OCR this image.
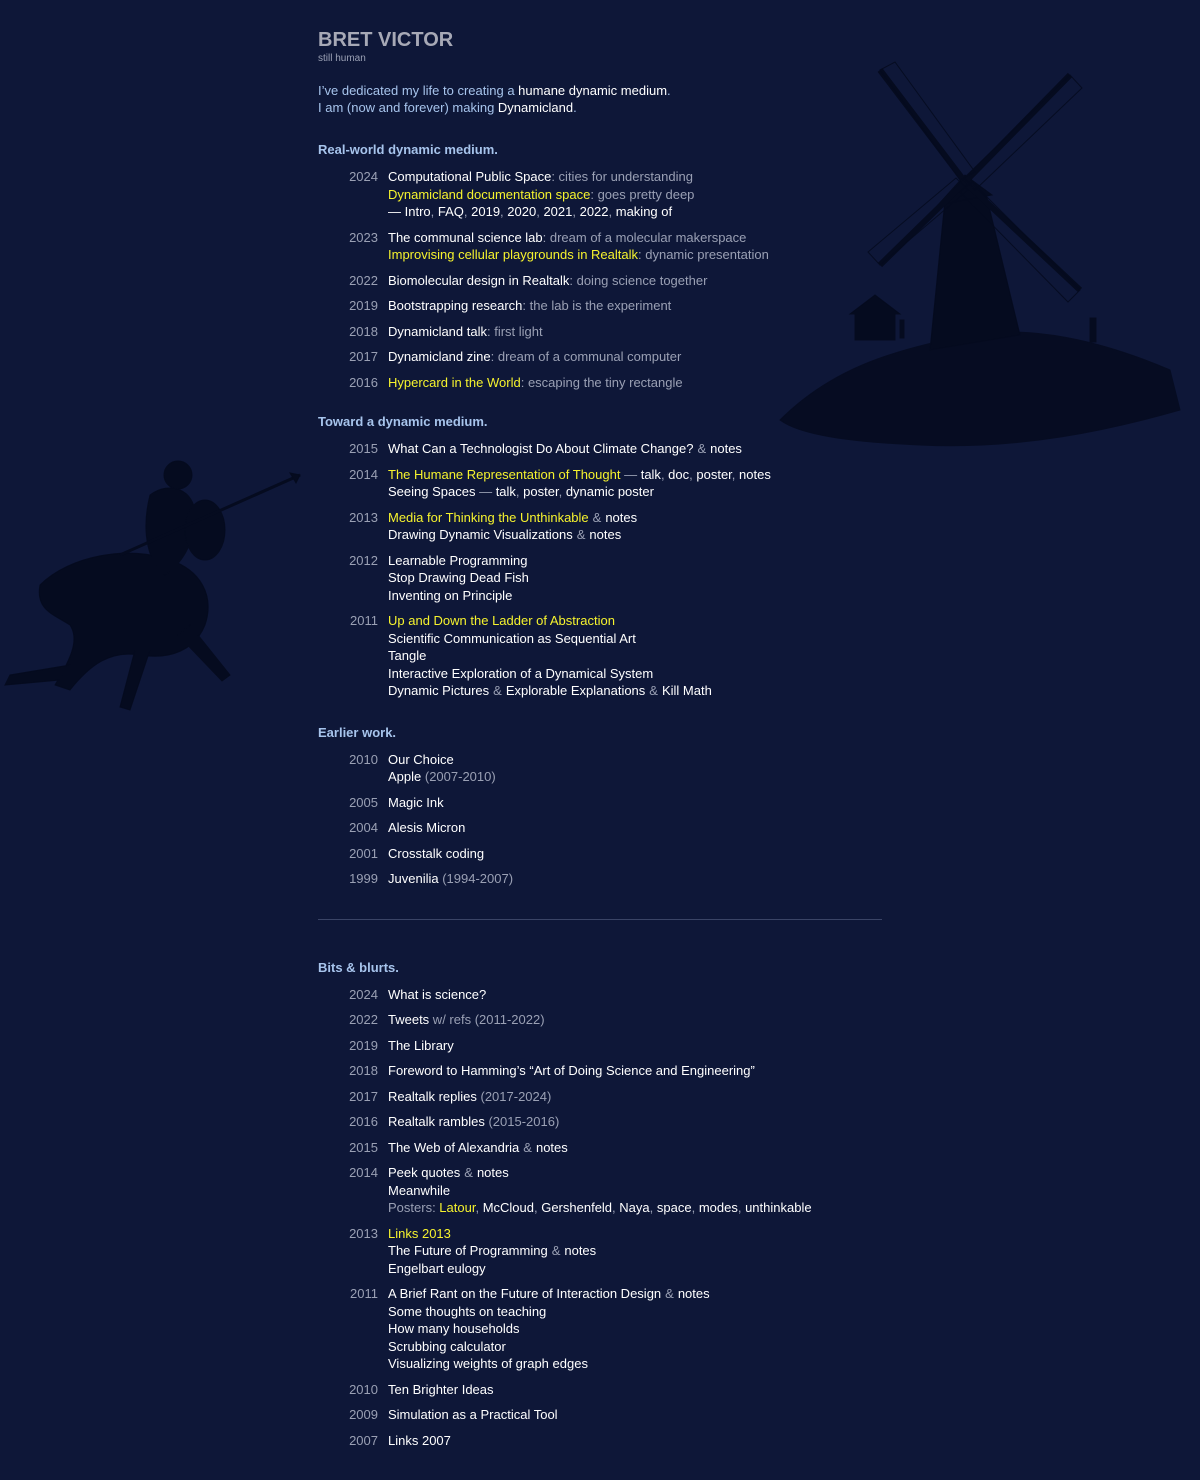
BRET VICTOR
still human
I’ve dedicated my life to creating a humane dynamic medium.
I am (now and forever) making Dynamicland.
Real-world dynamic medium.
2024 Computational Public Space: cities for understanding
Dynamicland documentation space: goes pretty deep
— Intro, FAQ, 2019, 2020, 2021, 2022, making of
2023 The communal science lab: dream of a molecular makerspace
Improvising cellular playgrounds in Realtalk: dynamic presentation
2022 Biomolecular design in Realtalk: doing science together
2019 Bootstrapping research: the lab is the experiment
2018 Dynamicland talk: first light
2017 Dynamicland zine: dream of a communal computer
2016 Hypercard in the World: escaping the tiny rectangle
Toward a dynamic medium.
2015 What Can a Technologist Do About Climate Change? & notes
2014 The Humane Representation of Thought — talk, doc, poster, notes
Seeing Spaces — talk, poster, dynamic poster
2013 Media for Thinking the Unthinkable & notes
Drawing Dynamic Visualizations & notes
2012 Learnable Programming
Stop Drawing Dead Fish
Inventing on Principle
2011 Up and Down the Ladder of Abstraction
Scientific Communication as Sequential Art
Tangle
Interactive Exploration of a Dynamical System
Dynamic Pictures & Explorable Explanations & Kill Math
Earlier work.
2010 Our Choice
Apple (2007-2010)
2005 Magic Ink
2004 Alesis Micron
2001 Crosstalk coding
1999 Juvenilia (1994-2007)
Bits & blurts.
2024 What is science?
2022 Tweets w/ refs (2011-2022)
2019 The Library
2018 Foreword to Hamming’s “Art of Doing Science and Engineering”
2017 Realtalk replies (2017-2024)
2016 Realtalk rambles (2015-2016)
2015 The Web of Alexandria & notes
2014 Peek quotes & notes
Meanwhile
Posters: Latour, McCloud, Gershenfeld, Naya, space, modes, unthinkable
2013 Links 2013
The Future of Programming & notes
Engelbart eulogy
2011 A Brief Rant on the Future of Interaction Design & notes
Some thoughts on teaching
How many households
Scrubbing calculator
Visualizing weights of graph edges
2010 Ten Brighter Ideas
2009 Simulation as a Practical Tool
2007 Links 2007
